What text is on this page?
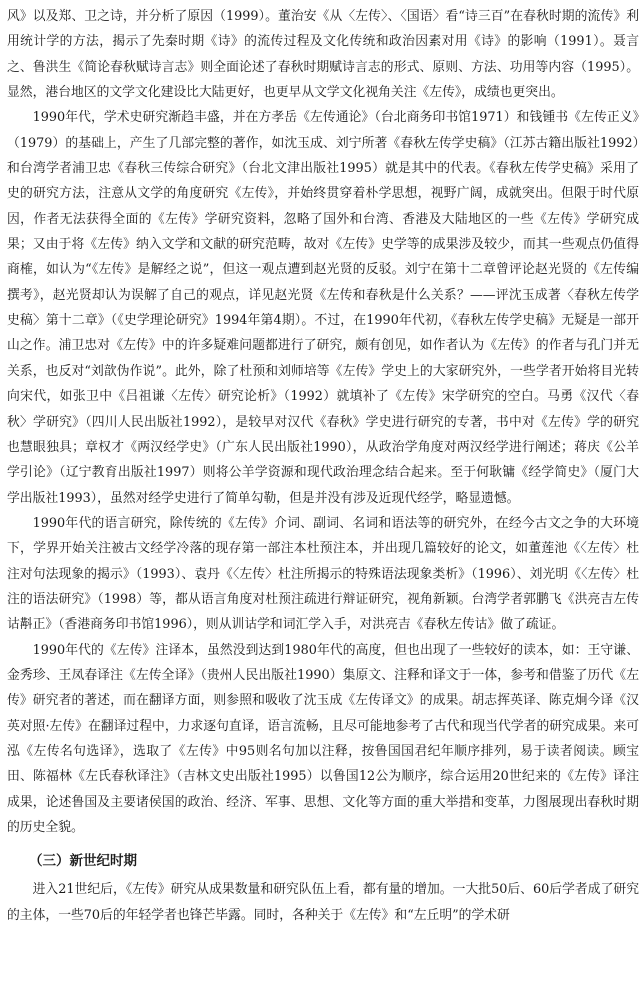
风》以及郑、卫之诗，并分析了原因（1999）。董治安《从〈左传〉、〈国语〉看“诗三百”在春秋时期的流传》利用统计学的方法，揭示了先秦时期《诗》的流传过程及文化传统和政治因素对用《诗》的影响（1991）。聂言之、鲁洪生《简论春秋赋诗言志》则全面论述了春秋时期赋诗言志的形式、原则、方法、功用等内容（1995）。显然，港台地区的文学文化建设比大陆更好，也更早从文学文化视角关注《左传》，成绩也更突出。

1990年代，学术史研究渐趋丰盛，并在方孝岳《左传通论》（台北商务印书馆1971）和钱锺书《左传正义》（1979）的基础上，产生了几部完整的著作，如沈玉成、刘宁所著《春秋左传学史稿》（江苏古籍出版社1992）和台湾学者浦卫忠《春秋三传综合研究》（台北文津出版社1995）就是其中的代表。《春秋左传学史稿》采用了史的研究方法，注意从文学的角度研究《左传》，并始终贯穿着朴学思想，视野广阔，成就突出。但限于时代原因，作者无法获得全面的《左传》学研究资料，忽略了国外和台湾、香港及大陆地区的一些《左传》学研究成果；又由于将《左传》纳入文学和文献的研究范畴，故对《左传》史学等的成果涉及较少，而其一些观点仍值得商榷，如认为“《左传》是解经之说”，但这一观点遭到赵光贤的反驳。刘宁在第十二章曾评论赵光贤的《左传编撰考》，赵光贤却认为误解了自己的观点，详见赵光贤《左传和春秋是什么关系？——评沈玉成著〈春秋左传学史稿〉第十二章》（《史学理论研究》1994年第4期）。不过，在1990年代初，《春秋左传学史稿》无疑是一部开山之作。浦卫忠对《左传》中的许多疑难问题都进行了研究，颇有创见，如作者认为《左传》的作者与孔门并无关系，也反对“刘歆伪作说”。此外，除了杜预和刘师培等《左传》学史上的大家研究外，一些学者开始将目光转向宋代，如张卫中《吕祖谦〈左传〉研究论析》（1992）就填补了《左传》宋学研究的空白。马勇《汉代〈春秋〉学研究》（四川人民出版社1992），是较早对汉代《春秋》学史进行研究的专著，书中对《左传》学的研究也慧眼独具；章权才《两汉经学史》（广东人民出版社1990），从政治学角度对两汉经学进行阐述；蒋庆《公羊学引论》（辽宁教育出版社1997）则将公羊学资源和现代政治理念结合起来。至于何耿镛《经学简史》（厦门大学出版社1993），虽然对经学史进行了简单勾勒，但是并没有涉及近现代经学，略显遗憾。

1990年代的语言研究，除传统的《左传》介词、副词、名词和语法等的研究外，在经今古文之争的大环境下，学界开始关注被古文经学冷落的现存第一部注本杜预注本，并出现几篇较好的论文，如董莲池《〈左传〉杜注对句法现象的揭示》（1993）、袁丹《〈左传〉杜注所揭示的特殊语法现象类析》（1996）、刘光明《〈左传〉杜注的语法研究》（1998）等，都从语言角度对杜预注疏进行辩证研究，视角新颖。台湾学者郭鹏飞《洪亮吉左传诂斠正》（香港商务印书馆1996），则从训诂学和词汇学入手，对洪亮吉《春秋左传诂》做了疏证。

1990年代的《左传》注译本，虽然没到达到1980年代的高度，但也出现了一些较好的读本，如：王守谦、金秀珍、王凤春译注《左传全译》（贵州人民出版社1990）集原文、注释和译文于一体，参考和借鉴了历代《左传》研究者的著述，而在翻译方面，则参照和吸收了沈玉成《左传译文》的成果。胡志挥英译、陈克炯今译《汉英对照·左传》在翻译过程中，力求逐句直译，语言流畅，且尽可能地参考了古代和现当代学者的研究成果。来可泓《左传名句选译》，选取了《左传》中95则名句加以注释，按鲁国国君纪年顺序排列，易于读者阅读。顾宝田、陈福林《左氏春秋译注》（吉林文史出版社1995）以鲁国12公为顺序，综合运用20世纪来的《左传》译注成果，论述鲁国及主要诸侯国的政治、经济、军事、思想、文化等方面的重大举措和变革，力图展现出春秋时期的历史全貌。

（三）新世纪时期

进入21世纪后，《左传》研究从成果数量和研究队伍上看，都有量的增加。一大批50后、60后学者成了研究的主体，一些70后的年轻学者也锋芒毕露。同时，各种关于《左传》和“左丘明”的学术研
